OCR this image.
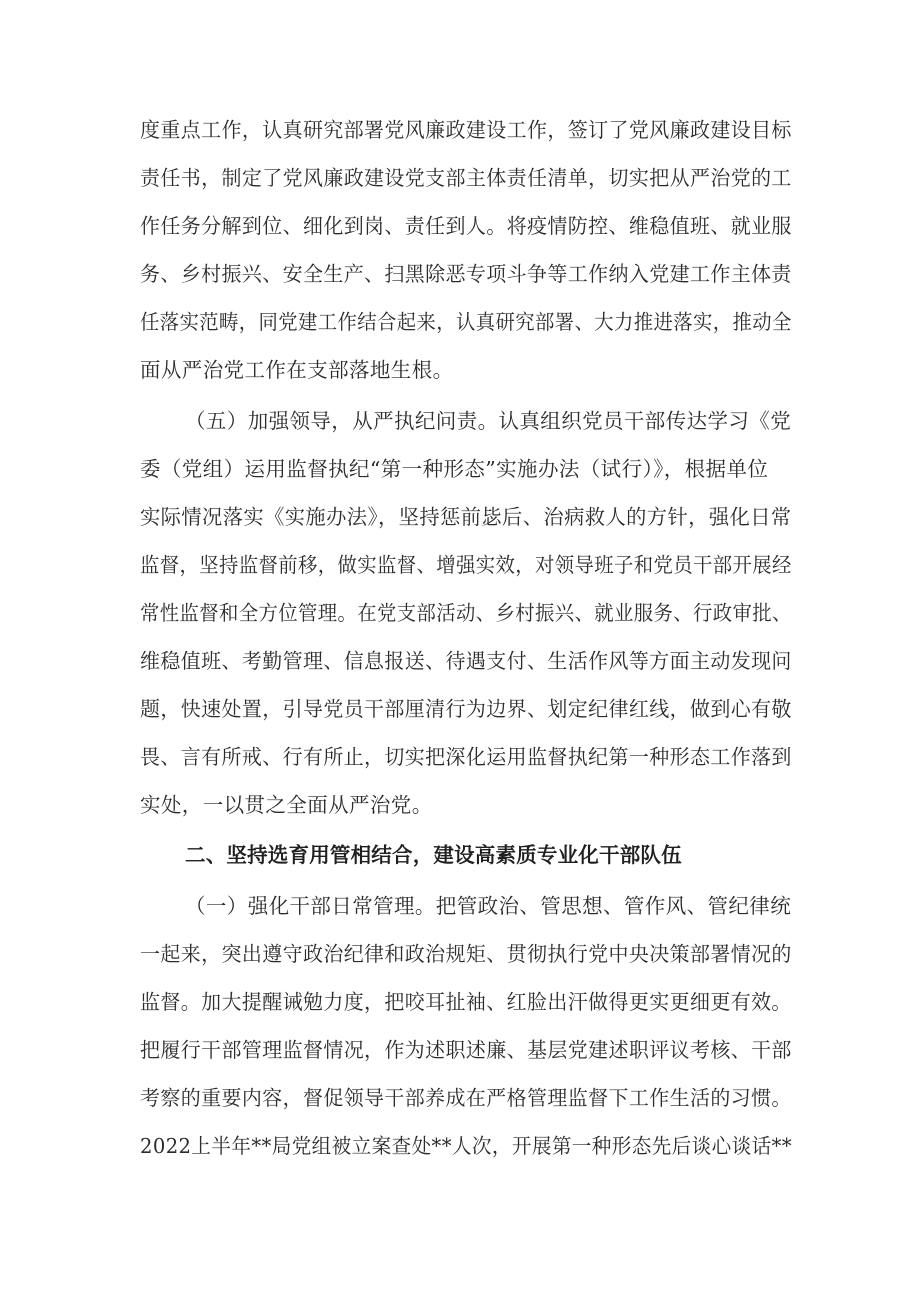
度重点工作，认真研究部署党风廉政建设工作，签订了党风廉政建设目标
责任书，制定了党风廉政建设党支部主体责任清单，切实把从严治党的工
作任务分解到位、细化到岗、责任到人。将疫情防控、维稳值班、就业服
务、乡村振兴、安全生产、扫黑除恶专项斗争等工作纳入党建工作主体责
任落实范畴，同党建工作结合起来，认真研究部署、大力推进落实，推动全
面从严治党工作在支部落地生根。
（五）加强领导，从严执纪问责。认真组织党员干部传达学习《党
委（党组）运用监督执纪“第一种形态”实施办法（试行）》，根据单位
实际情况落实《实施办法》，坚持惩前毖后、治病救人的方针，强化日常
监督，坚持监督前移，做实监督、增强实效，对领导班子和党员干部开展经
常性监督和全方位管理。在党支部活动、乡村振兴、就业服务、行政审批、
维稳值班、考勤管理、信息报送、待遇支付、生活作风等方面主动发现问
题，快速处置，引导党员干部厘清行为边界、划定纪律红线，做到心有敬
畏、言有所戒、行有所止，切实把深化运用监督执纪第一种形态工作落到
实处，一以贯之全面从严治党。
二、坚持选育用管相结合，建设高素质专业化干部队伍
（一）强化干部日常管理。把管政治、管思想、管作风、管纪律统
一起来，突出遵守政治纪律和政治规矩、贯彻执行党中央决策部署情况的
监督。加大提醒诫勉力度，把咬耳扯袖、红脸出汗做得更实更细更有效。
把履行干部管理监督情况，作为述职述廉、基层党建述职评议考核、干部
考察的重要内容，督促领导干部养成在严格管理监督下工作生活的习惯。
2022上半年**局党组被立案查处**人次，开展第一种形态先后谈心谈话**
